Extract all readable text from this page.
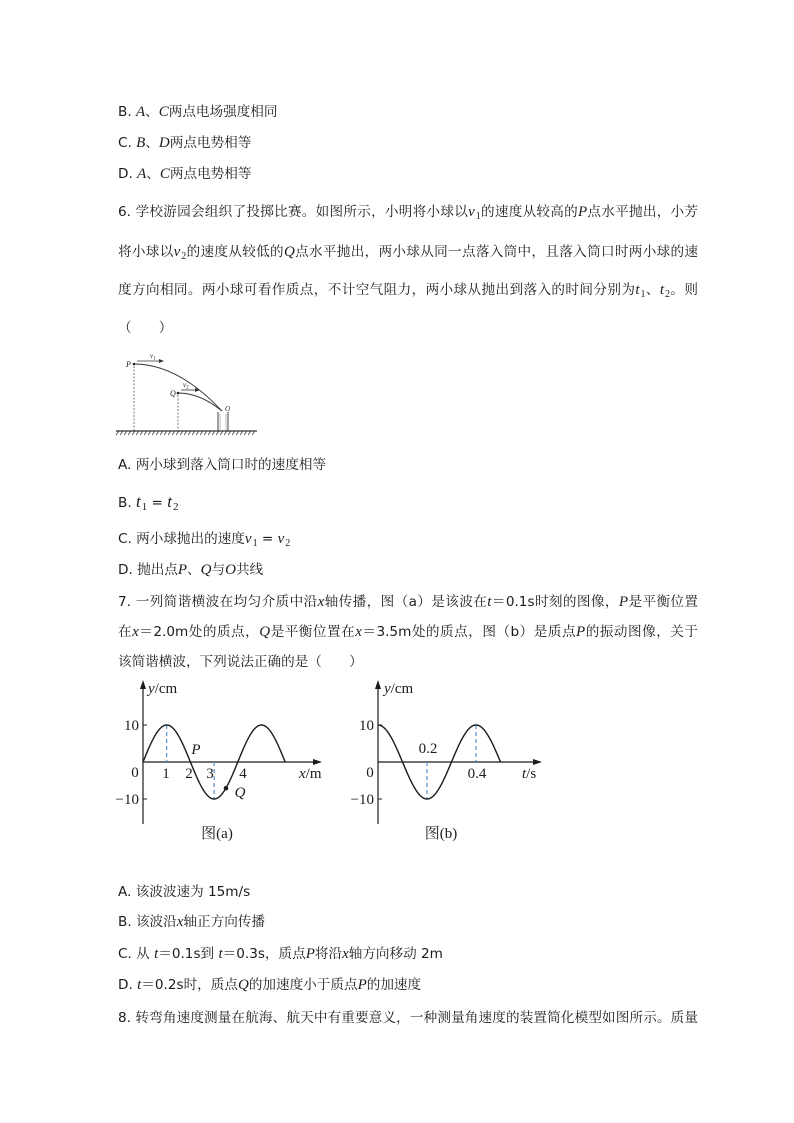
B. A、C两点电场强度相同
C. B、D两点电势相等
D. A、C两点电势相等
6. 学校游园会组织了投掷比赛。如图所示，小明将小球以$v_1$的速度从较高的P点水平抛出，小芳
将小球以$v_2$的速度从较低的Q点水平抛出，两小球从同一点落入筒中，且落入筒口时两小球的速
度方向相同。两小球可看作质点，不计空气阻力，两小球从抛出到落入的时间分别为$t_1$、$t_2$。则
（　　）
P
$v_1$
Q
$v_2$
O
A. 两小球到落入筒口时的速度相等
B. $t_1 = t_2$
C. 两小球抛出的速度$v_1 = v_2$
D. 抛出点P、Q与O共线
7. 一列简谐横波在均匀介质中沿x轴传播，图（a）是该波在t＝0.1s时刻的图像，P是平衡位置
在x＝2.0m处的质点，Q是平衡位置在x＝3.5m处的质点，图（b）是质点P的振动图像，关于
该简谐横波，下列说法正确的是（　　）
y/cm
10
−10
0 1 2 3 4	x/m
P
Q
图(a)
y/cm
10
−10
0
0.2
0.4 t/s
图(b)
A. 该波波速为 15m/s
B. 该波沿x轴正方向传播
C. 从 t＝0.1s到 t＝0.3s，质点P将沿x轴方向移动 2m
D. t＝0.2s时，质点Q的加速度小于质点P的加速度
8. 转弯角速度测量在航海、航天中有重要意义，一种测量角速度的装置简化模型如图所示。质量
